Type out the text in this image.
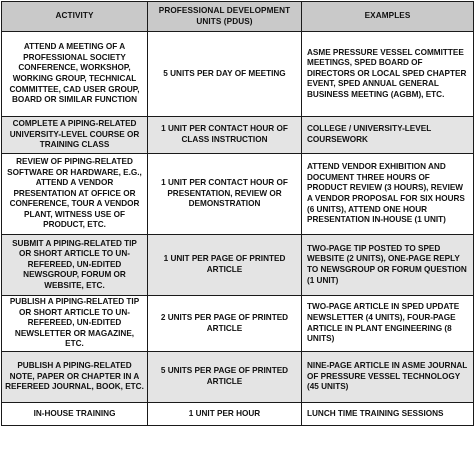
ACTIVITY	PROFESSIONAL DEVELOPMENT UNITS (PDUS)	EXAMPLES
ATTEND A MEETING OF A PROFESSIONAL SOCIETY CONFERENCE, WORKSHOP, WORKING GROUP, TECHNICAL COMMITTEE, CAD USER GROUP, BOARD OR SIMILAR FUNCTION	5 UNITS PER DAY OF MEETING	ASME PRESSURE VESSEL COMMITTEE MEETINGS, SPED BOARD OF DIRECTORS OR LOCAL SPED CHAPTER EVENT, SPED ANNUAL GENERAL BUSINESS MEETING (AGBM), ETC.
COMPLETE A PIPING-RELATED UNIVERSITY-LEVEL COURSE OR TRAINING CLASS	1 UNIT PER CONTACT HOUR OF CLASS INSTRUCTION	COLLEGE / UNIVERSITY-LEVEL COURSEWORK
REVIEW OF PIPING-RELATED SOFTWARE OR HARDWARE, E.G., ATTEND A VENDOR PRESENTATION AT OFFICE OR CONFERENCE, TOUR A VENDOR PLANT, WITNESS USE OF PRODUCT, ETC.	1 UNIT PER CONTACT HOUR OF PRESENTATION, REVIEW OR DEMONSTRATION	ATTEND VENDOR EXHIBITION AND DOCUMENT THREE HOURS OF PRODUCT REVIEW (3 HOURS), REVIEW A VENDOR PROPOSAL FOR SIX HOURS (6 UNITS), ATTEND ONE HOUR PRESENTATION IN-HOUSE (1 UNIT)
SUBMIT A PIPING-RELATED TIP OR SHORT ARTICLE TO UN-REFEREED, UN-EDITED NEWSGROUP, FORUM OR WEBSITE, ETC.	1 UNIT PER PAGE OF PRINTED ARTICLE	TWO-PAGE TIP POSTED TO SPED WEBSITE (2 UNITS), ONE-PAGE REPLY TO NEWSGROUP OR FORUM QUESTION (1 UNIT)
PUBLISH A PIPING-RELATED TIP OR SHORT ARTICLE TO UN-REFEREED, UN-EDITED NEWSLETTER OR MAGAZINE, ETC.	2 UNITS PER PAGE OF PRINTED ARTICLE	TWO-PAGE ARTICLE IN SPED UPDATE NEWSLETTER (4 UNITS), FOUR-PAGE ARTICLE IN PLANT ENGINEERING (8 UNITS)
PUBLISH A PIPING-RELATED NOTE, PAPER OR CHAPTER IN A REFEREED JOURNAL, BOOK, ETC.	5 UNITS PER PAGE OF PRINTED ARTICLE	NINE-PAGE ARTICLE IN ASME JOURNAL OF PRESSURE VESSEL TECHNOLOGY (45 UNITS)
IN-HOUSE TRAINING	1 UNIT PER HOUR	LUNCH TIME TRAINING SESSIONS
